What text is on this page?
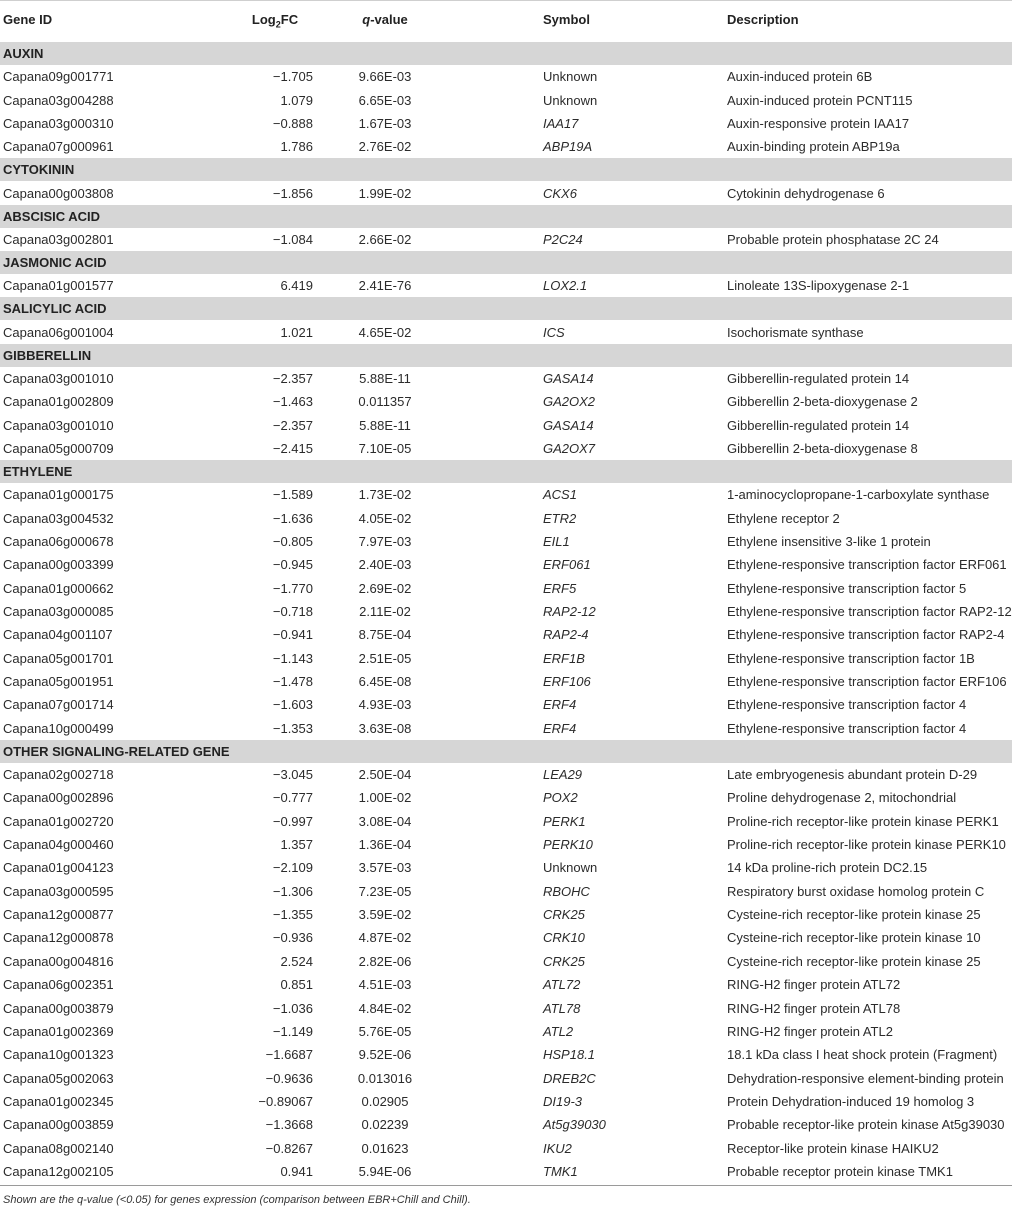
Gene ID	Log$_2$FC	q-value	Symbol	Description
AUXIN				
Capana09g001771	−1.705	9.66E-03	Unknown	Auxin-induced protein 6B
Capana03g004288	1.079	6.65E-03	Unknown	Auxin-induced protein PCNT115
Capana03g000310	−0.888	1.67E-03	IAA17	Auxin-responsive protein IAA17
Capana07g000961	1.786	2.76E-02	ABP19A	Auxin-binding protein ABP19a
CYTOKININ				
Capana00g003808	−1.856	1.99E-02	CKX6	Cytokinin dehydrogenase 6
ABSCISIC ACID				
Capana03g002801	−1.084	2.66E-02	P2C24	Probable protein phosphatase 2C 24
JASMONIC ACID				
Capana01g001577	6.419	2.41E-76	LOX2.1	Linoleate 13S-lipoxygenase 2-1
SALICYLIC ACID				
Capana06g001004	1.021	4.65E-02	ICS	Isochorismate synthase
GIBBERELLIN				
Capana03g001010	−2.357	5.88E-11	GASA14	Gibberellin-regulated protein 14
Capana01g002809	−1.463	0.011357	GA2OX2	Gibberellin 2-beta-dioxygenase 2
Capana03g001010	−2.357	5.88E-11	GASA14	Gibberellin-regulated protein 14
Capana05g000709	−2.415	7.10E-05	GA2OX7	Gibberellin 2-beta-dioxygenase 8
ETHYLENE				
Capana01g000175	−1.589	1.73E-02	ACS1	1-aminocyclopropane-1-carboxylate synthase
Capana03g004532	−1.636	4.05E-02	ETR2	Ethylene receptor 2
Capana06g000678	−0.805	7.97E-03	EIL1	Ethylene insensitive 3-like 1 protein
Capana00g003399	−0.945	2.40E-03	ERF061	Ethylene-responsive transcription factor ERF061
Capana01g000662	−1.770	2.69E-02	ERF5	Ethylene-responsive transcription factor 5
Capana03g000085	−0.718	2.11E-02	RAP2-12	Ethylene-responsive transcription factor RAP2-12
Capana04g001107	−0.941	8.75E-04	RAP2-4	Ethylene-responsive transcription factor RAP2-4
Capana05g001701	−1.143	2.51E-05	ERF1B	Ethylene-responsive transcription factor 1B
Capana05g001951	−1.478	6.45E-08	ERF106	Ethylene-responsive transcription factor ERF106
Capana07g001714	−1.603	4.93E-03	ERF4	Ethylene-responsive transcription factor 4
Capana10g000499	−1.353	3.63E-08	ERF4	Ethylene-responsive transcription factor 4
OTHER SIGNALING-RELATED GENE				
Capana02g002718	−3.045	2.50E-04	LEA29	Late embryogenesis abundant protein D-29
Capana00g002896	−0.777	1.00E-02	POX2	Proline dehydrogenase 2, mitochondrial
Capana01g002720	−0.997	3.08E-04	PERK1	Proline-rich receptor-like protein kinase PERK1
Capana04g000460	1.357	1.36E-04	PERK10	Proline-rich receptor-like protein kinase PERK10
Capana01g004123	−2.109	3.57E-03	Unknown	14 kDa proline-rich protein DC2.15
Capana03g000595	−1.306	7.23E-05	RBOHC	Respiratory burst oxidase homolog protein C
Capana12g000877	−1.355	3.59E-02	CRK25	Cysteine-rich receptor-like protein kinase 25
Capana12g000878	−0.936	4.87E-02	CRK10	Cysteine-rich receptor-like protein kinase 10
Capana00g004816	2.524	2.82E-06	CRK25	Cysteine-rich receptor-like protein kinase 25
Capana06g002351	0.851	4.51E-03	ATL72	RING-H2 finger protein ATL72
Capana00g003879	−1.036	4.84E-02	ATL78	RING-H2 finger protein ATL78
Capana01g002369	−1.149	5.76E-05	ATL2	RING-H2 finger protein ATL2
Capana10g001323	−1.6687	9.52E-06	HSP18.1	18.1 kDa class I heat shock protein (Fragment)
Capana05g002063	−0.9636	0.013016	DREB2C	Dehydration-responsive element-binding protein
Capana01g002345	−0.89067	0.02905	DI19-3	Protein Dehydration-induced 19 homolog 3
Capana00g003859	−1.3668	0.02239	At5g39030	Probable receptor-like protein kinase At5g39030
Capana08g002140	−0.8267	0.01623	IKU2	Receptor-like protein kinase HAIKU2
Capana12g002105	0.941	5.94E-06	TMK1	Probable receptor protein kinase TMK1
Shown are the q-value (<0.05) for genes expression (comparison between EBR+Chill and Chill).
